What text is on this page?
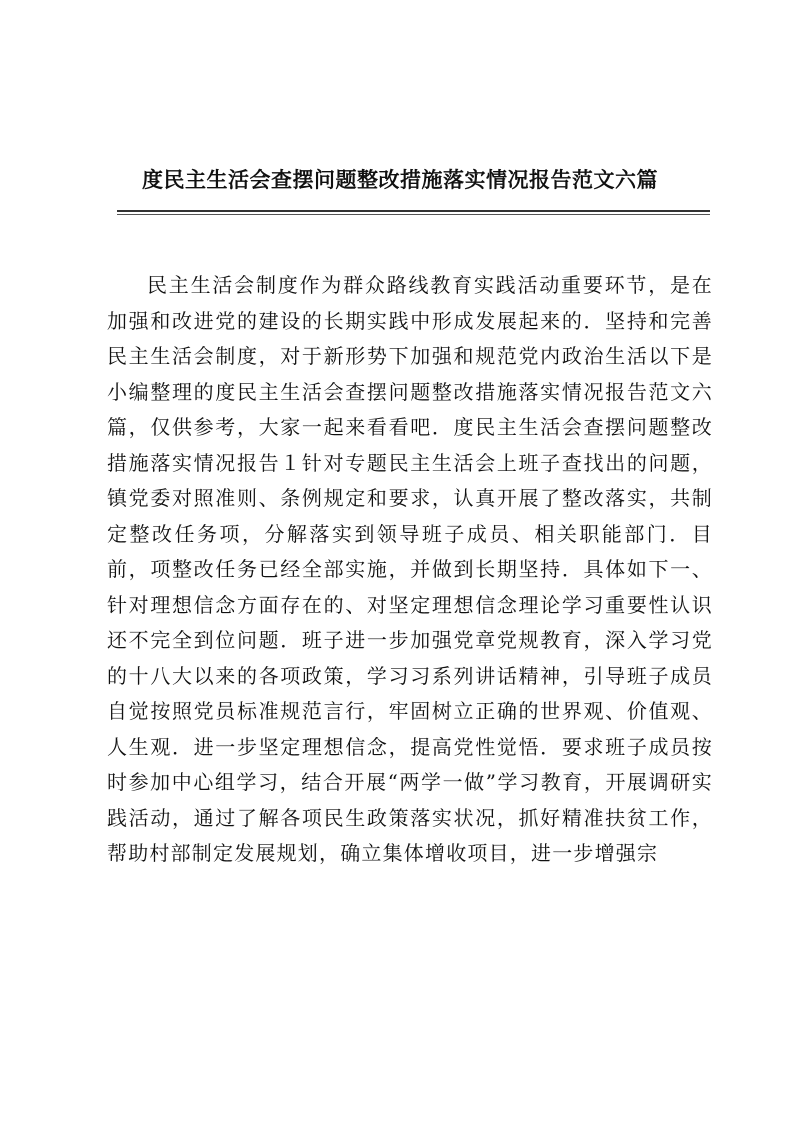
度民主生活会查摆问题整改措施落实情况报告范文六篇

民主生活会制度作为群众路线教育实践活动重要环节，是在加强和改进党的建设的长期实践中形成发展起来的．坚持和完善民主生活会制度，对于新形势下加强和规范党内政治生活以下是小编整理的度民主生活会查摆问题整改措施落实情况报告范文六篇，仅供参考，大家一起来看看吧．度民主生活会查摆问题整改措施落实情况报告１针对专题民主生活会上班子查找出的问题，镇党委对照准则、条例规定和要求，认真开展了整改落实，共制定整改任务项，分解落实到领导班子成员、相关职能部门．目前，项整改任务已经全部实施，并做到长期坚持．具体如下一、针对理想信念方面存在的、对坚定理想信念理论学习重要性认识还不完全到位问题．班子进一步加强党章党规教育，深入学习党的十八大以来的各项政策，学习习系列讲话精神，引导班子成员自觉按照党员标准规范言行，牢固树立正确的世界观、价值观、人生观．进一步坚定理想信念，提高党性觉悟．要求班子成员按时参加中心组学习，结合开展“两学一做”学习教育，开展调研实践活动，通过了解各项民生政策落实状况，抓好精准扶贫工作，帮助村部制定发展规划，确立集体增收项目，进一步增强宗
